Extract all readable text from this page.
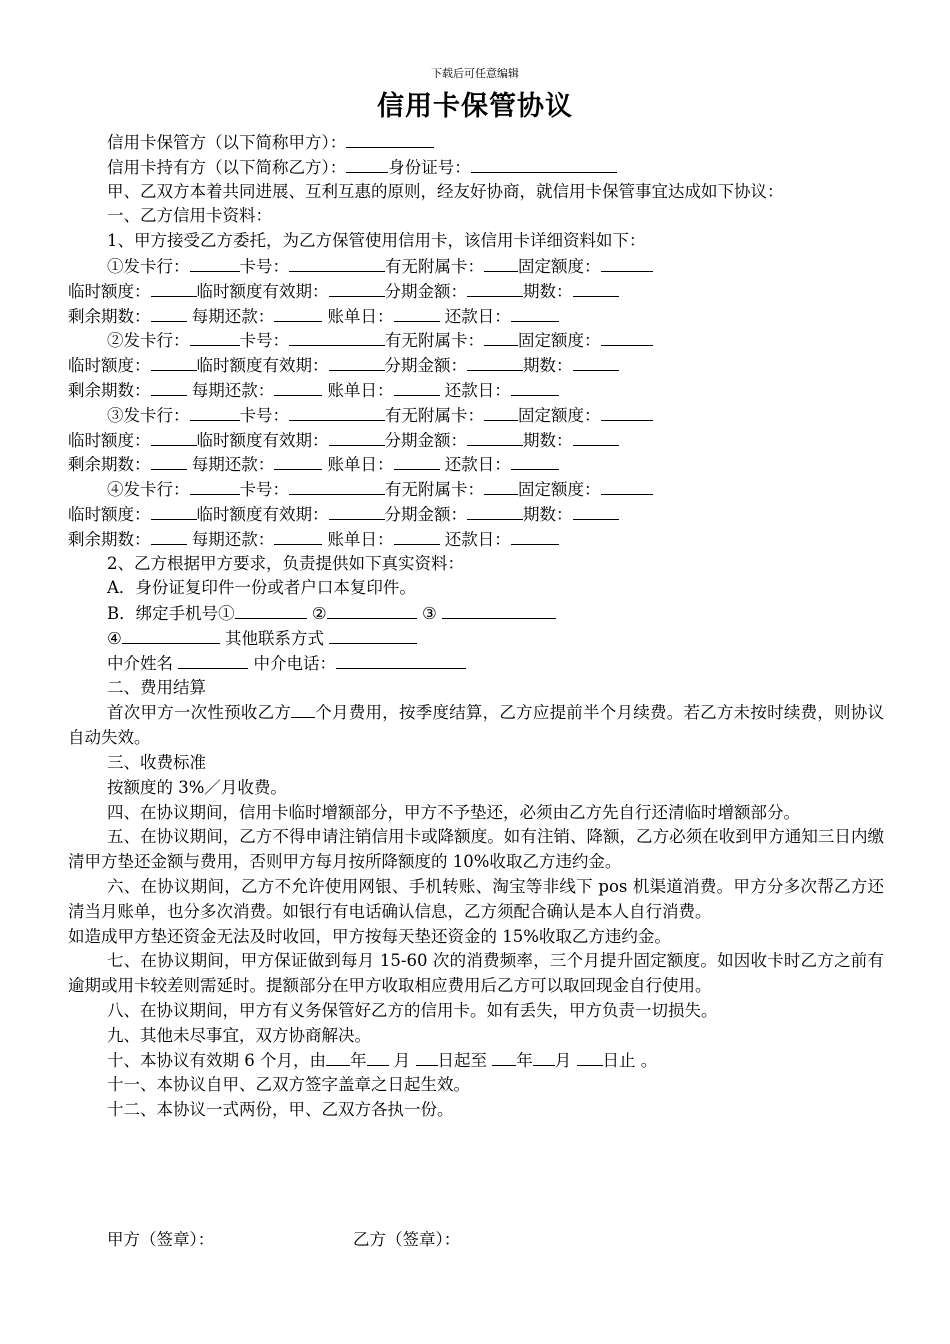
下载后可任意编辑
信用卡保管协议
信用卡保管方（以下简称甲方）：
信用卡持有方（以下简称乙方）：	身份证号：
甲、乙双方本着共同进展、互利互惠的原则，经友好协商，就信用卡保管事宜达成如下协议：
一、乙方信用卡资料：
1、甲方接受乙方委托，为乙方保管使用信用卡，该信用卡详细资料如下：
①发卡行：	卡号：	有无附属卡： 固定额度：
临时额度：	临时额度有效期：	分期金额：	期数：
剩余期数： 每期还款：	账单日：	还款日：
②发卡行：	卡号：	有无附属卡： 固定额度：
临时额度：	临时额度有效期：	分期金额：	期数：
剩余期数： 每期还款：	账单日：	还款日：
③发卡行：	卡号：	有无附属卡： 固定额度：
临时额度：	临时额度有效期：	分期金额：	期数：
剩余期数： 每期还款：	账单日：	还款日：
④发卡行：	卡号：	有无附属卡： 固定额度：
临时额度：	临时额度有效期：	分期金额：	期数：
剩余期数： 每期还款：	账单日：	还款日：
2、乙方根据甲方要求，负责提供如下真实资料：
A．身份证复印件一份或者户口本复印件。
B．绑定手机号①	②	③
④	其他联系方式
中介姓名	中介电话：
二、费用结算
首次甲方一次性预收乙方 个月费用，按季度结算，乙方应提前半个月续费。若乙方未按时续费，则协议自动失效。
三、收费标准
按额度的 3%／月收费。
四、在协议期间，信用卡临时增额部分，甲方不予垫还，必须由乙方先自行还清临时增额部分。
五、在协议期间，乙方不得申请注销信用卡或降额度。如有注销、降额，乙方必须在收到甲方通知三日内缴清甲方垫还金额与费用，否则甲方每月按所降额度的 10%收取乙方违约金。
六、在协议期间，乙方不允许使用网银、手机转账、淘宝等非线下 pos 机渠道消费。甲方分多次帮乙方还清当月账单，也分多次消费。如银行有电话确认信息，乙方须配合确认是本人自行消费。
如造成甲方垫还资金无法及时收回，甲方按每天垫还资金的 15%收取乙方违约金。
七、在协议期间，甲方保证做到每月 15-60 次的消费频率，三个月提升固定额度。如因收卡时乙方之前有逾期或用卡较差则需延时。提额部分在甲方收取相应费用后乙方可以取回现金自行使用。
八、在协议期间，甲方有义务保管好乙方的信用卡。如有丢失，甲方负责一切损失。
九、其他未尽事宜，双方协商解决。
十、本协议有效期 6 个月，由 年 月 日起至 年 月 日止 。
十一、本协议自甲、乙双方签字盖章之日起生效。
十二、本协议一式两份，甲、乙双方各执一份。
甲方（签章）：	乙方（签章）：
